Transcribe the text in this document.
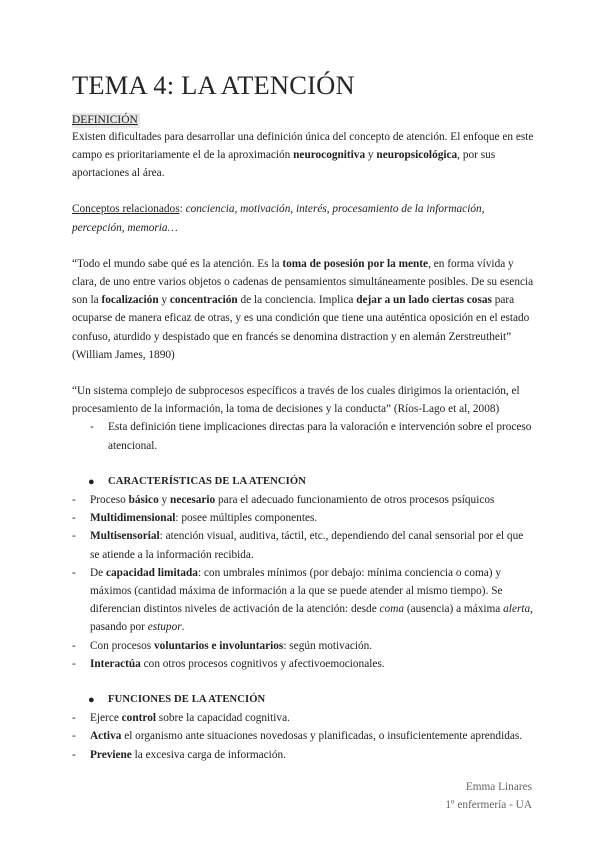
TEMA 4: LA ATENCIÓN
DEFINICIÓN

Existen dificultades para desarrollar una definición única del concepto de atención. El enfoque en este campo es prioritariamente el de la aproximación neurocognitiva y neuropsicológica, por sus aportaciones al área.

Conceptos relacionados: conciencia, motivación, interés, procesamiento de la información, percepción, memoria…

“Todo el mundo sabe qué es la atención. Es la toma de posesión por la mente, en forma vívida y clara, de uno entre varios objetos o cadenas de pensamientos simultáneamente posibles. De su esencia son la focalización y concentración de la conciencia. Implica dejar a un lado ciertas cosas para ocuparse de manera eficaz de otras, y es una condición que tiene una auténtica oposición en el estado confuso, aturdido y despistado que en francés se denomina distraction y en alemán Zerstreutheit” (William James, 1890)

“Un sistema complejo de subprocesos específicos a través de los cuales dirigimos la orientación, el procesamiento de la información, la toma de decisiones y la conducta” (Ríos-Lago et al, 2008)

- Esta definición tiene implicaciones directas para la valoración e intervención sobre el proceso atencional.
● CARACTERÍSTICAS DE LA ATENCIÓN
- Proceso básico y necesario para el adecuado funcionamiento de otros procesos psíquicos
- Multidimensional: posee múltiples componentes.
- Multisensorial: atención visual, auditiva, táctil, etc., dependiendo del canal sensorial por el que se atiende a la información recibida.
- De capacidad limitada: con umbrales mínimos (por debajo: mínima conciencia o coma) y máximos (cantidad máxima de información a la que se puede atender al mismo tiempo). Se diferencian distintos niveles de activación de la atención: desde coma (ausencia) a máxima alerta, pasando por estupor.
- Con procesos voluntarios e involuntarios: según motivación.
- Interactúa con otros procesos cognitivos y afectivoemocionales.
● FUNCIONES DE LA ATENCIÓN
- Ejerce control sobre la capacidad cognitiva.
- Activa el organismo ante situaciones novedosas y planificadas, o insuficientemente aprendidas.
- Previene la excesiva carga de información.
Emma Linares
1º enfermería - UA
